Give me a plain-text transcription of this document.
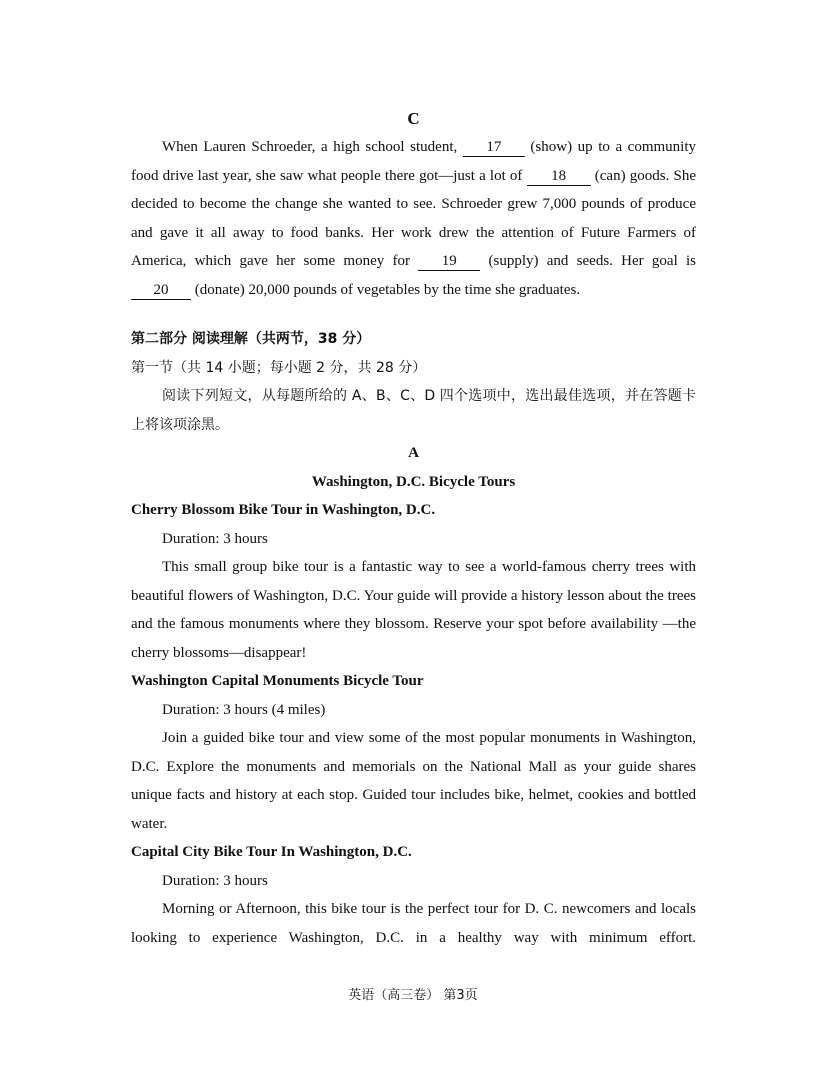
C

When Lauren Schroeder, a high school student, 17 (show) up to a community food drive last year, she saw what people there got—just a lot of 18 (can) goods. She decided to become the change she wanted to see. Schroeder grew 7,000 pounds of produce and gave it all away to food banks. Her work drew the attention of Future Farmers of America, which gave her some money for 19 (supply) and seeds. Her goal is 20 (donate) 20,000 pounds of vegetables by the time she graduates.

第二部分 阅读理解（共两节，38 分）

第一节（共 14 小题；每小题 2 分，共 28 分）

阅读下列短文，从每题所给的 A、B、C、D 四个选项中，选出最佳选项，并在答题卡上将该项涂黑。

A

Washington, D.C. Bicycle Tours

Cherry Blossom Bike Tour in Washington, D.C.

Duration: 3 hours

This small group bike tour is a fantastic way to see a world-famous cherry trees with beautiful flowers of Washington, D.C. Your guide will provide a history lesson about the trees and the famous monuments where they blossom. Reserve your spot before availability —the cherry blossoms—disappear!

Washington Capital Monuments Bicycle Tour

Duration: 3 hours (4 miles)

Join a guided bike tour and view some of the most popular monuments in Washington, D.C. Explore the monuments and memorials on the National Mall as your guide shares unique facts and history at each stop. Guided tour includes bike, helmet, cookies and bottled water.

Capital City Bike Tour In Washington, D.C.

Duration: 3 hours

Morning or Afternoon, this bike tour is the perfect tour for D. C. newcomers and locals looking to experience Washington, D.C. in a healthy way with minimum effort.

英语（高三卷） 第3页
